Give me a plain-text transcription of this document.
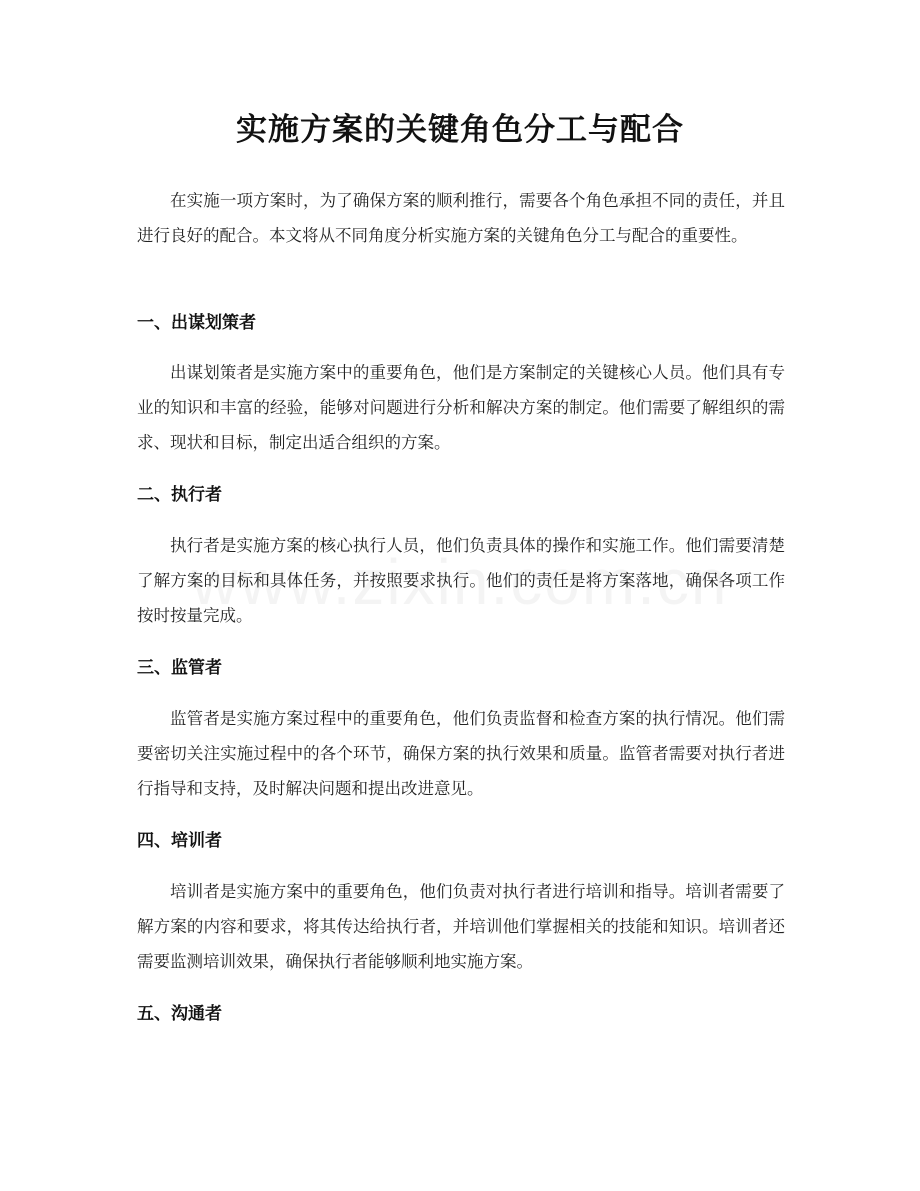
实施方案的关键角色分工与配合

在实施一项方案时，为了确保方案的顺利推行，需要各个角色承担不同的责任，并且进行良好的配合。本文将从不同角度分析实施方案的关键角色分工与配合的重要性。

一、出谋划策者

出谋划策者是实施方案中的重要角色，他们是方案制定的关键核心人员。他们具有专业的知识和丰富的经验，能够对问题进行分析和解决方案的制定。他们需要了解组织的需求、现状和目标，制定出适合组织的方案。

二、执行者

执行者是实施方案的核心执行人员，他们负责具体的操作和实施工作。他们需要清楚了解方案的目标和具体任务，并按照要求执行。他们的责任是将方案落地，确保各项工作按时按量完成。

三、监管者

监管者是实施方案过程中的重要角色，他们负责监督和检查方案的执行情况。他们需要密切关注实施过程中的各个环节，确保方案的执行效果和质量。监管者需要对执行者进行指导和支持，及时解决问题和提出改进意见。

四、培训者

培训者是实施方案中的重要角色，他们负责对执行者进行培训和指导。培训者需要了解方案的内容和要求，将其传达给执行者，并培训他们掌握相关的技能和知识。培训者还需要监测培训效果，确保执行者能够顺利地实施方案。

五、沟通者
